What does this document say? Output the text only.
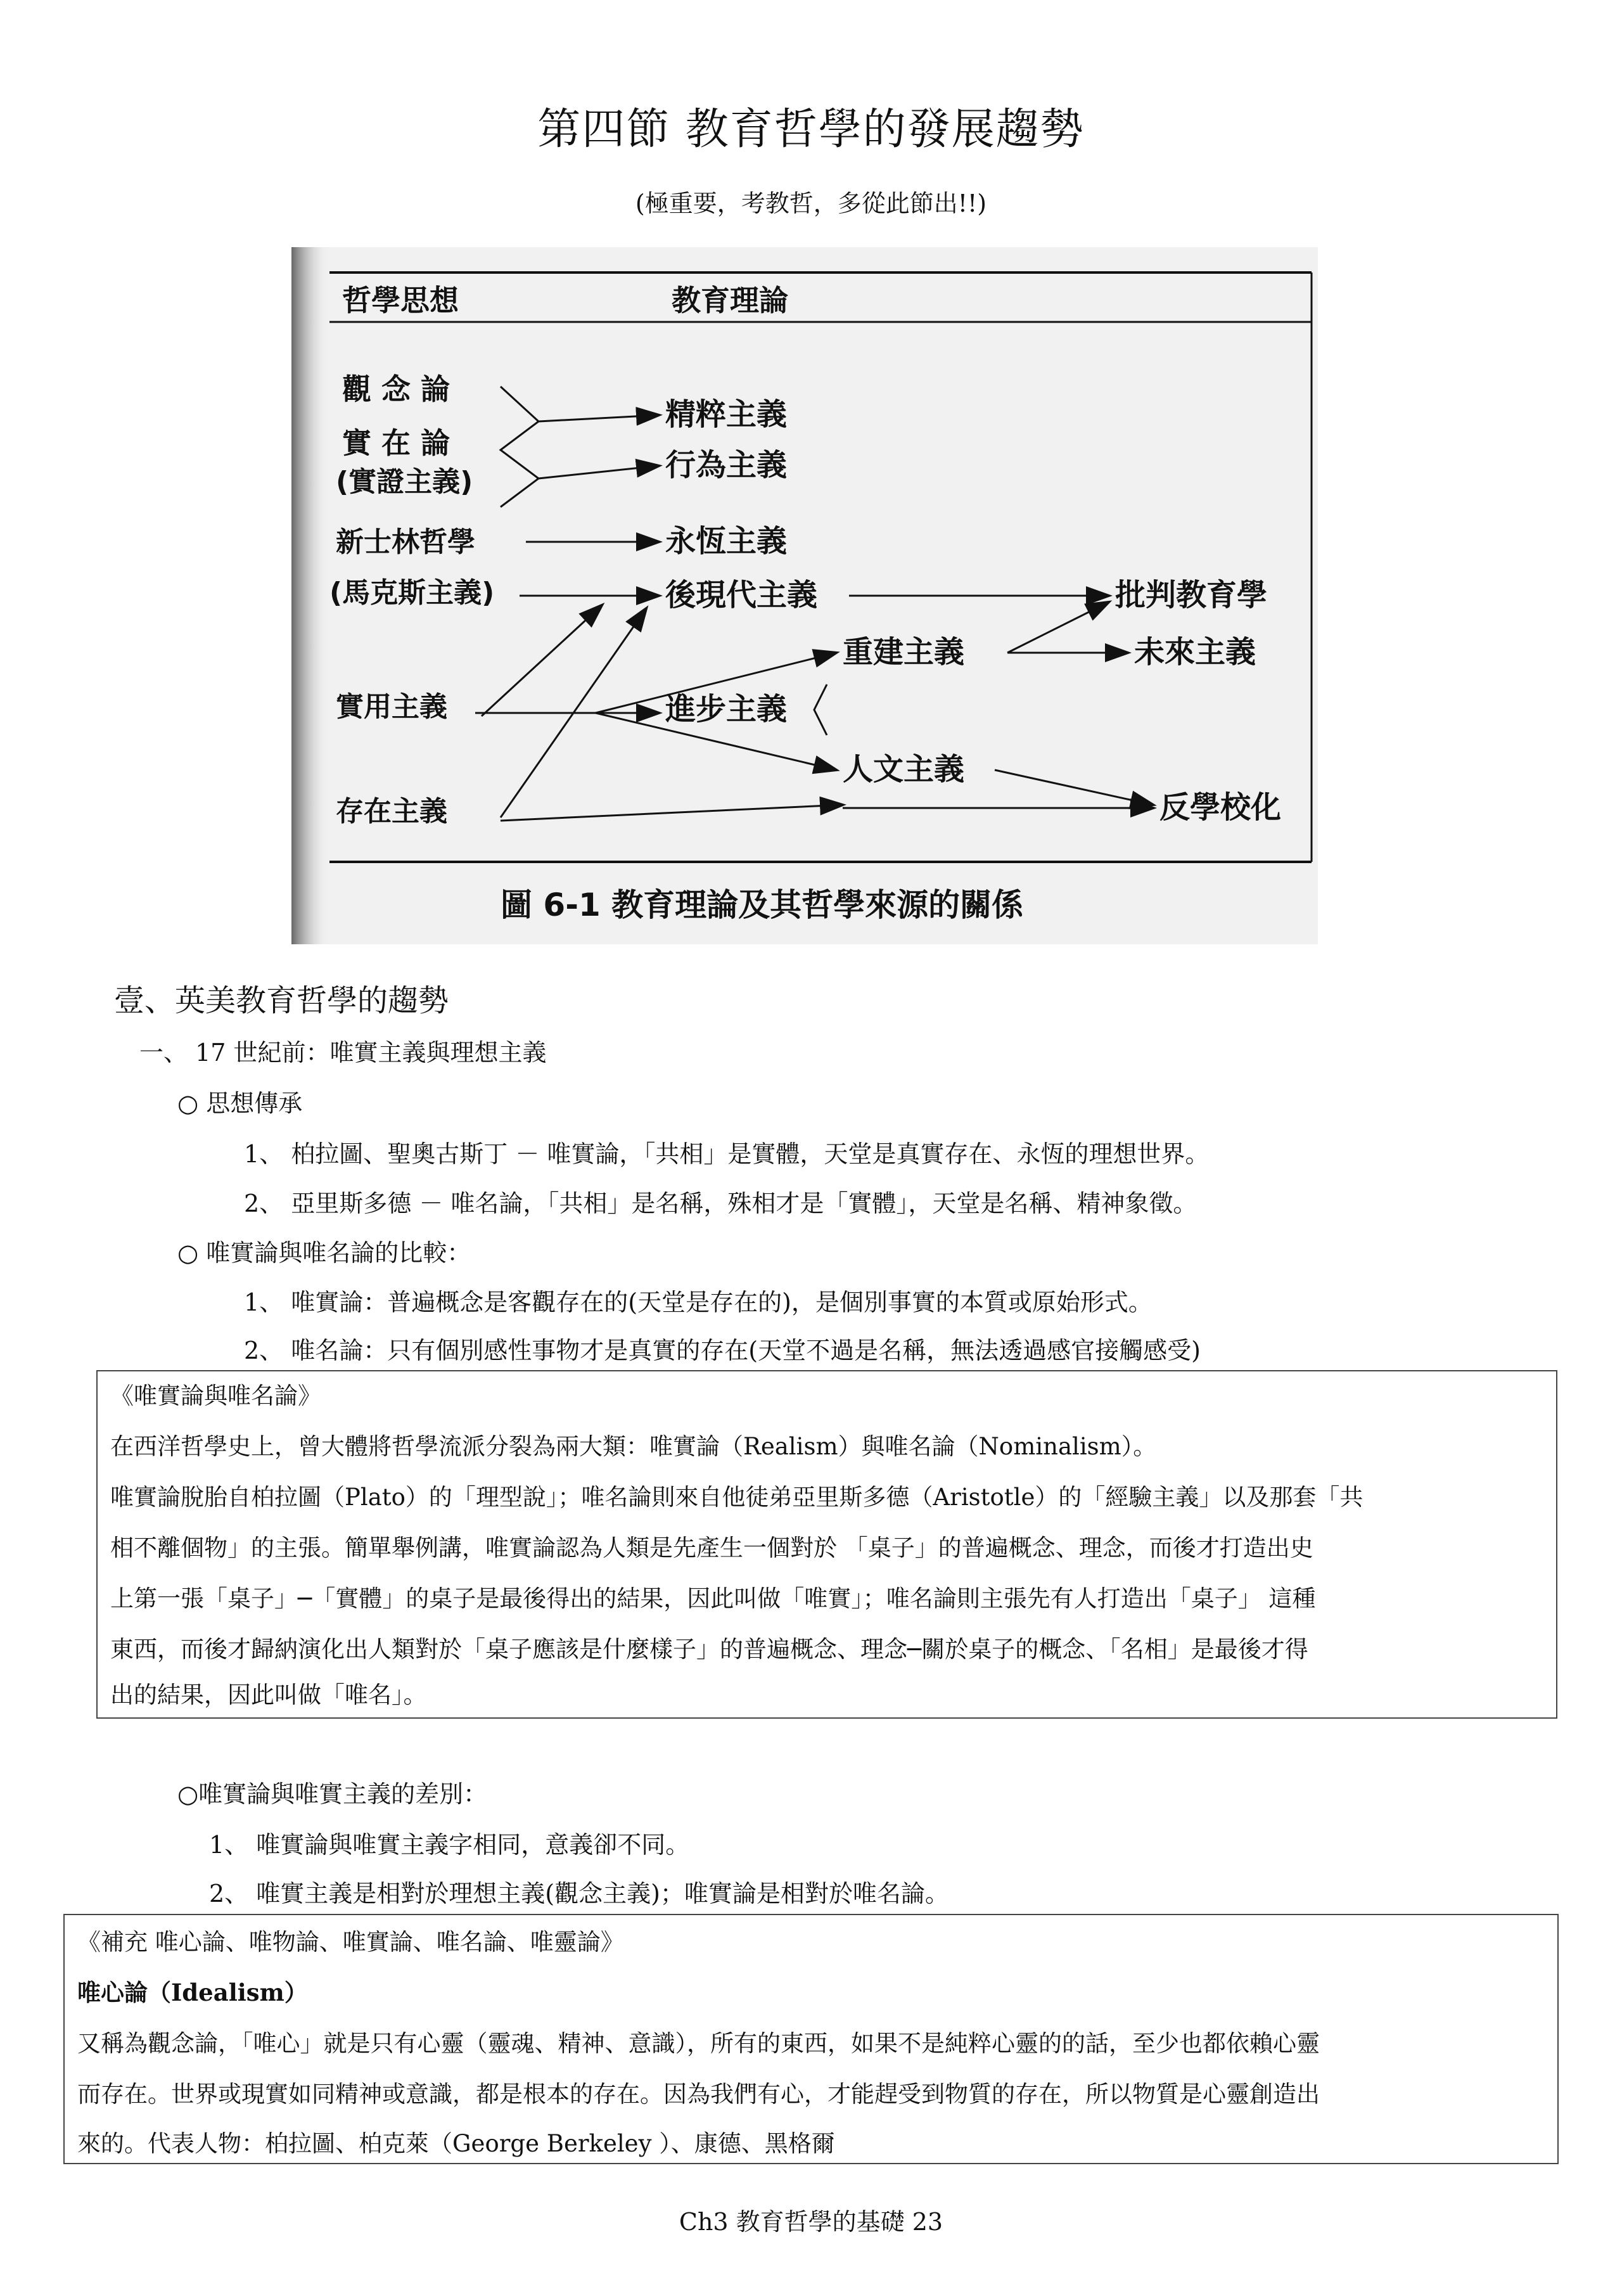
第四節 教育哲學的發展趨勢
(極重要，考教哲，多從此節出!!)
哲學思想	教育理論
觀 念 論
實 在 論
(實證主義)
新士林哲學
(馬克斯主義)
實用主義
存在主義
精粹主義
行為主義
永恆主義
後現代主義
進步主義
重建主義
人文主義
批判教育學
未來主義
反學校化
圖 6-1 教育理論及其哲學來源的關係
壹、英美教育哲學的趨勢
一、 17 世紀前：唯實主義與理想主義
○ 思想傳承
1、 柏拉圖、聖奧古斯丁 － 唯實論，「共相」是實體，天堂是真實存在、永恆的理想世界。
2、 亞里斯多德 － 唯名論，「共相」是名稱，殊相才是「實體」，天堂是名稱、精神象徵。
○ 唯實論與唯名論的比較：
1、 唯實論：普遍概念是客觀存在的(天堂是存在的)，是個別事實的本質或原始形式。
2、 唯名論：只有個別感性事物才是真實的存在(天堂不過是名稱，無法透過感官接觸感受)
《唯實論與唯名論》
在西洋哲學史上，曾大體將哲學流派分裂為兩大類：唯實論（Realism）與唯名論（Nominalism）。
唯實論脫胎自柏拉圖（Plato）的「理型說」；唯名論則來自他徒弟亞里斯多德（Aristotle）的「經驗主義」以及那套「共
相不離個物」的主張。簡單舉例講，唯實論認為人類是先產生一個對於 「桌子」的普遍概念、理念，而後才打造出史
上第一張「桌子」─「實體」的桌子是最後得出的結果，因此叫做「唯實」；唯名論則主張先有人打造出「桌子」 這種
東西，而後才歸納演化出人類對於「桌子應該是什麼樣子」的普遍概念、理念─關於桌子的概念、「名相」是最後才得
出的結果，因此叫做「唯名」。
○唯實論與唯實主義的差別：
1、 唯實論與唯實主義字相同，意義卻不同。
2、 唯實主義是相對於理想主義(觀念主義)；唯實論是相對於唯名論。
《補充 唯心論、唯物論、唯實論、唯名論、唯靈論》
唯心論（Idealism）
又稱為觀念論，「唯心」就是只有心靈（靈魂、精神、意識），所有的東西，如果不是純粹心靈的的話，至少也都依賴心靈
而存在。世界或現實如同精神或意識，都是根本的存在。因為我們有心，才能趕受到物質的存在，所以物質是心靈創造出
來的。代表人物：柏拉圖、柏克萊（George Berkeley ）、康德、黑格爾
Ch3 教育哲學的基礎 23
